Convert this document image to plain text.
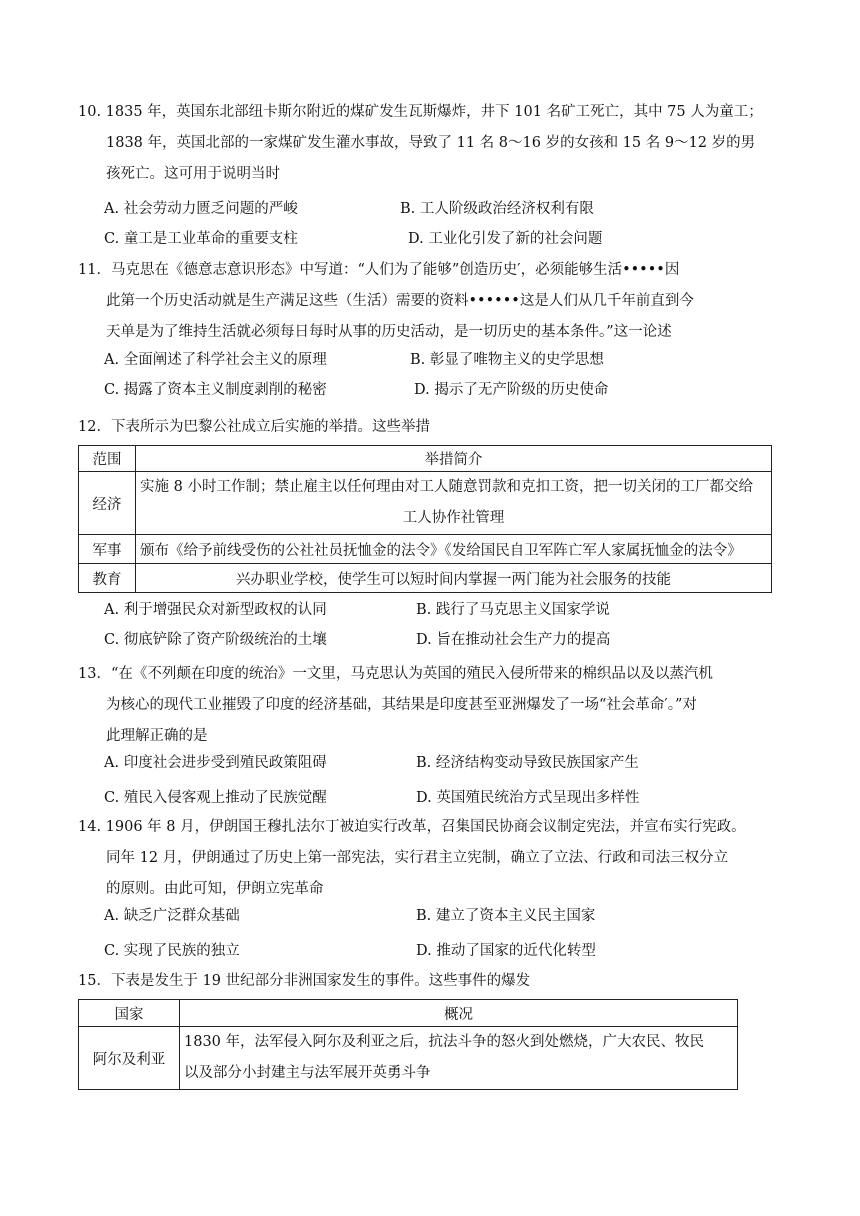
10. 1835 年，英国东北部纽卡斯尔附近的煤矿发生瓦斯爆炸，井下 101 名矿工死亡，其中 75 人为童工；
1838 年，英国北部的一家煤矿发生灌水事故，导致了 11 名 8～16 岁的女孩和 15 名 9～12 岁的男
孩死亡。这可用于说明当时
A. 社会劳动力匮乏问题的严峻	B. 工人阶级政治经济权利有限
C. 童工是工业革命的重要支柱	D. 工业化引发了新的社会问题
11．马克思在《德意志意识形态》中写道：“人们为了能够”创造历史′，必须能够生活•••••因
此第一个历史活动就是生产满足这些（生活）需要的资料••••••这是人们从几千年前直到今
天单是为了维持生活就必须每日每时从事的历史活动，是一切历史的基本条件。”这一论述
A. 全面阐述了科学社会主义的原理	B. 彰显了唯物主义的史学思想
C. 揭露了资本主义制度剥削的秘密	D. 揭示了无产阶级的历史使命
12．下表所示为巴黎公社成立后实施的举措。这些举措
范围	举措简介
经济	实施 8 小时工作制；禁止雇主以任何理由对工人随意罚款和克扣工资，把一切关闭的工厂都交给
工人协作社管理

军事	颁布《给予前线受伤的公社社员抚恤金的法令》《发给国民自卫军阵亡军人家属抚恤金的法令》
教育	兴办职业学校，使学生可以短时间内掌握一两门能为社会服务的技能
A. 利于增强民众对新型政权的认同	B. 践行了马克思主义国家学说
C. 彻底铲除了资产阶级统治的土壤	D. 旨在推动社会生产力的提高
13．“在《不列颠在印度的统治》一文里，马克思认为英国的殖民入侵所带来的棉织品以及以蒸汽机
为核心的现代工业摧毁了印度的经济基础，其结果是印度甚至亚洲爆发了一场“社会革命′。”对
此理解正确的是
A. 印度社会进步受到殖民政策阻碍	B. 经济结构变动导致民族国家产生
C. 殖民入侵客观上推动了民族觉醒	D. 英国殖民统治方式呈现出多样性
14. 1906 年 8 月，伊朗国王穆扎法尔丁被迫实行改革，召集国民协商会议制定宪法，并宣布实行宪政。
同年 12 月，伊朗通过了历史上第一部宪法，实行君主立宪制，确立了立法、行政和司法三权分立
的原则。由此可知，伊朗立宪革命
A. 缺乏广泛群众基础	B. 建立了资本主义民主国家
C. 实现了民族的独立	D. 推动了国家的近代化转型
15．下表是发生于 19 世纪部分非洲国家发生的事件。这些事件的爆发
国家	概况
阿尔及利亚	1830 年，法军侵入阿尔及利亚之后，抗法斗争的怒火到处燃烧，广大农民、牧民
以及部分小封建主与法军展开英勇斗争
